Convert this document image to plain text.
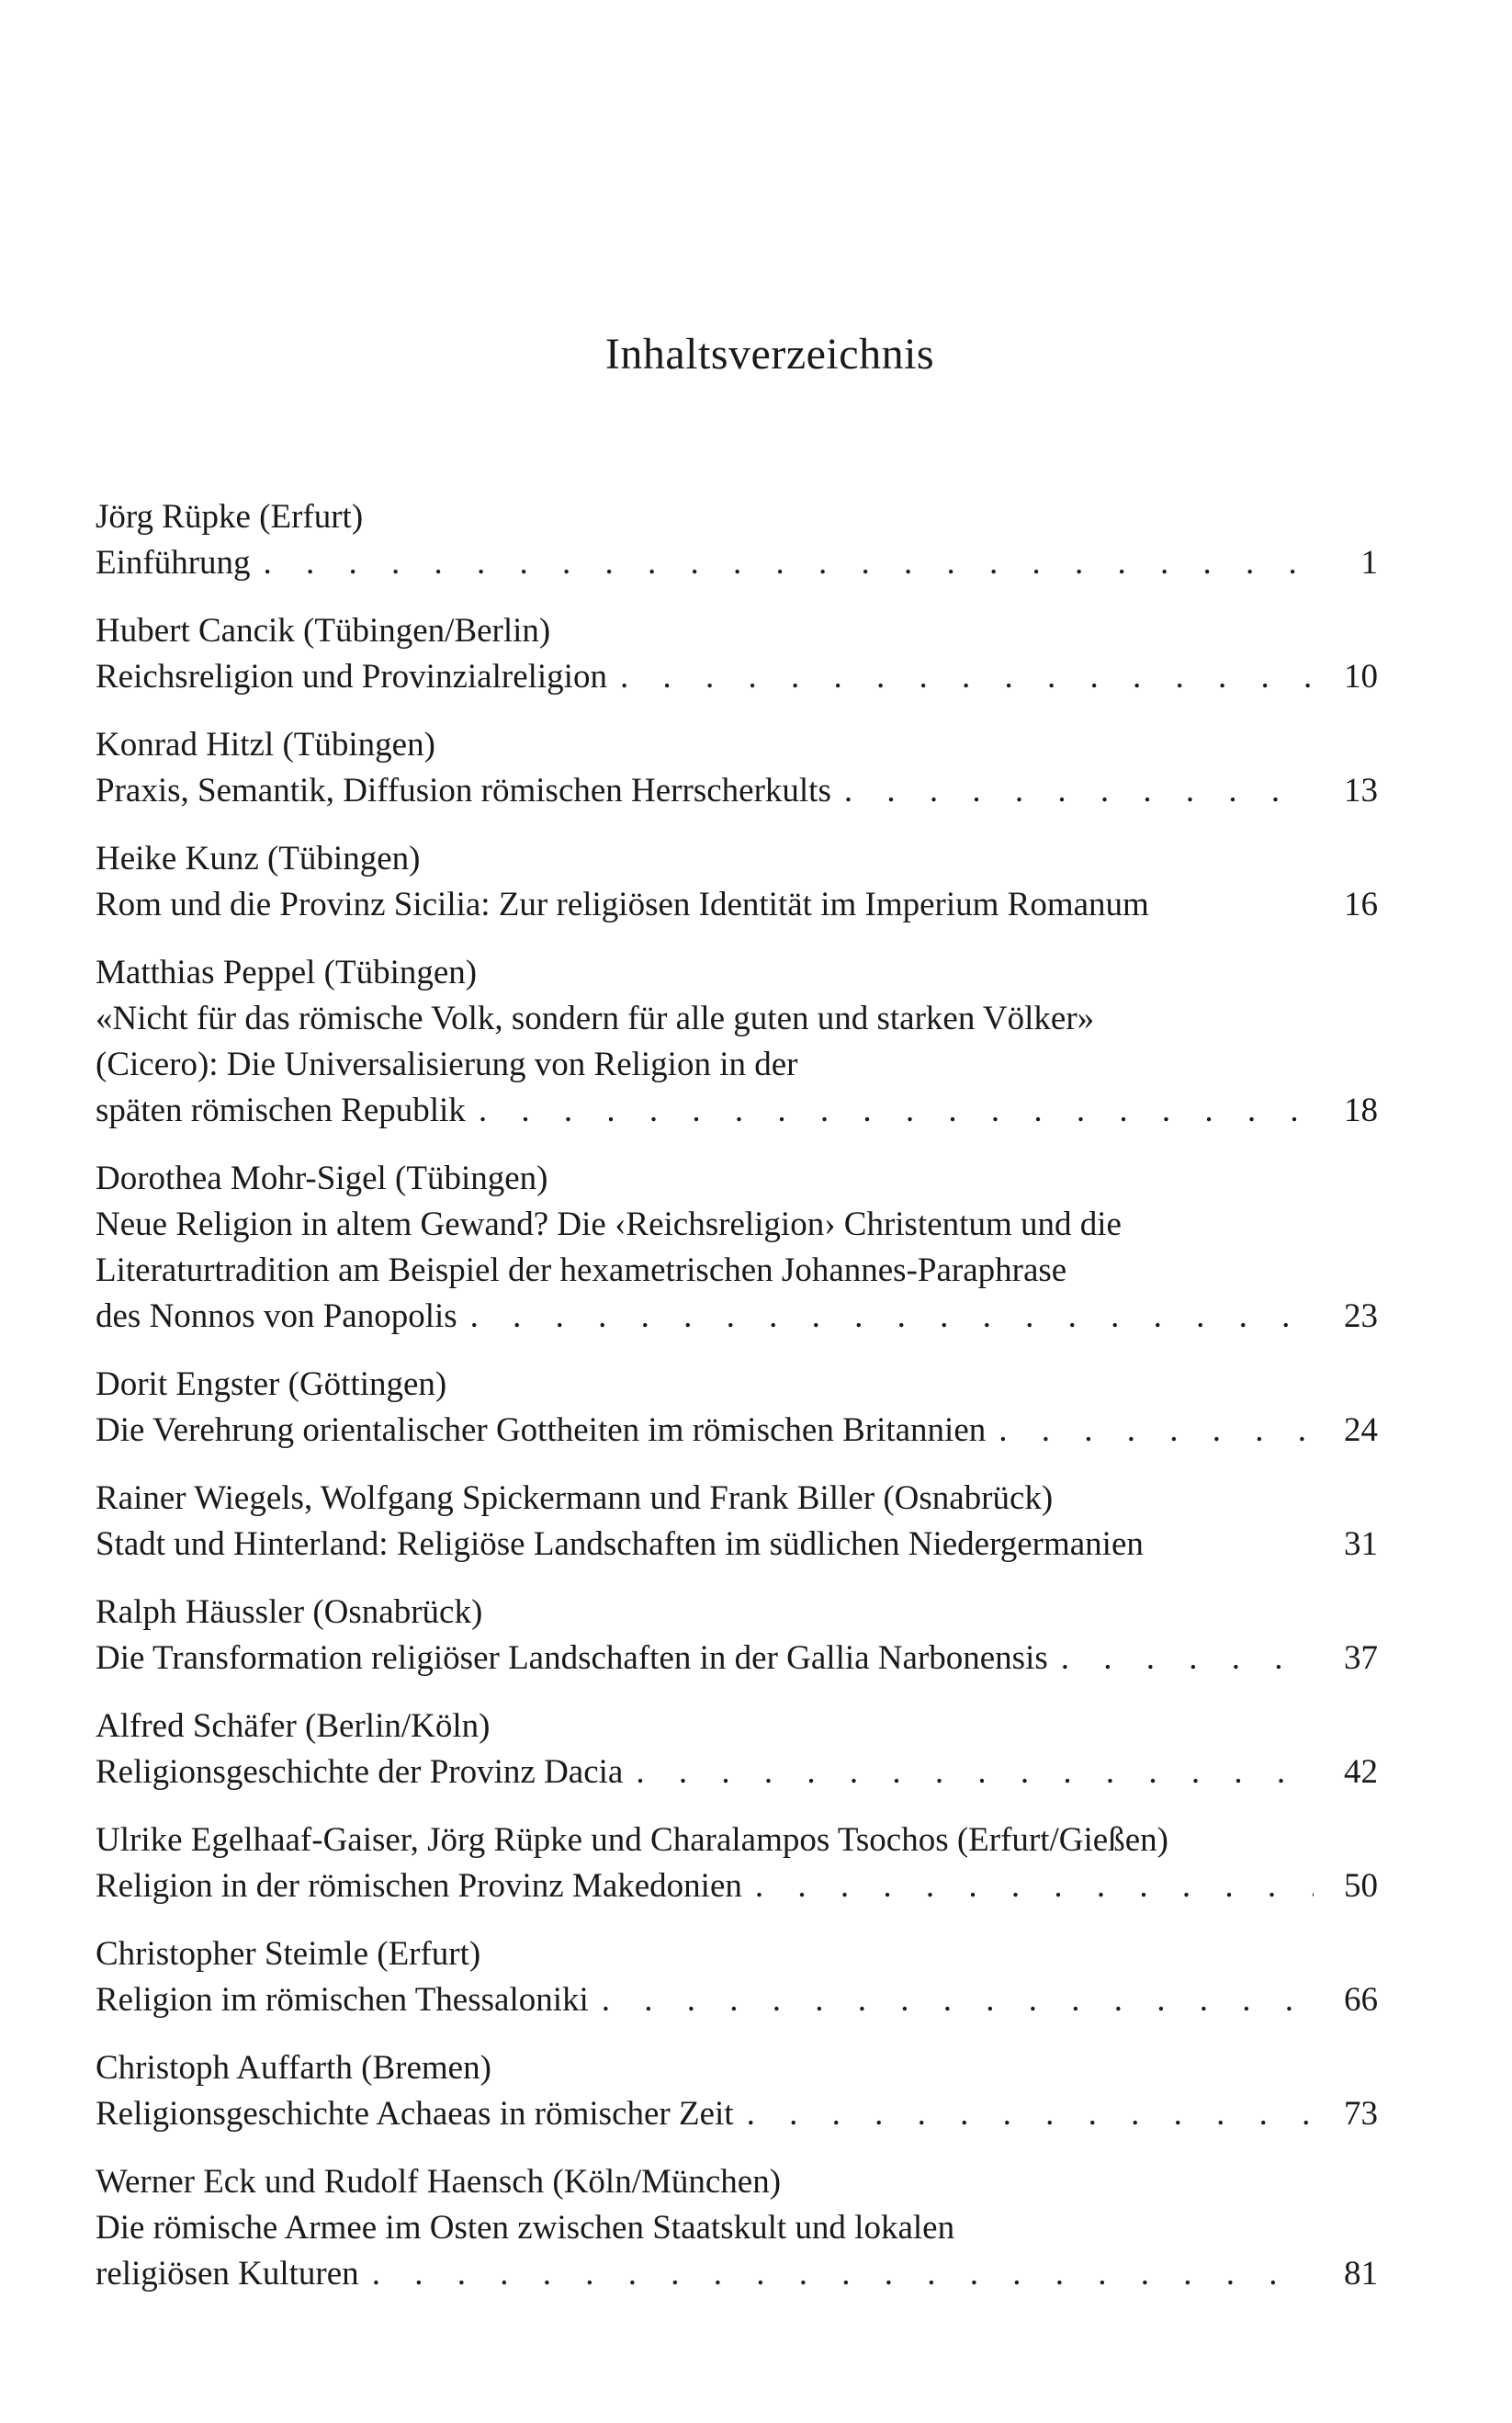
Inhaltsverzeichnis
Jörg Rüpke (Erfurt)
Einführung . . .	1
Hubert Cancik (Tübingen/Berlin)
Reichsreligion und Provinzialreligion . . .	10
Konrad Hitzl (Tübingen)
Praxis, Semantik, Diffusion römischen Herrscherkults . . .	13
Heike Kunz (Tübingen)
Rom und die Provinz Sicilia: Zur religiösen Identität im Imperium Romanum	16
Matthias Peppel (Tübingen)
«Nicht für das römische Volk, sondern für alle guten und starken Völker»
(Cicero): Die Universalisierung von Religion in der
späten römischen Republik . . .	18
Dorothea Mohr-Sigel (Tübingen)
Neue Religion in altem Gewand? Die ‹Reichsreligion› Christentum und die
Literaturtradition am Beispiel der hexametrischen Johannes-Paraphrase
des Nonnos von Panopolis . . .	23
Dorit Engster (Göttingen)
Die Verehrung orientalischer Gottheiten im römischen Britannien . . .	24
Rainer Wiegels, Wolfgang Spickermann und Frank Biller (Osnabrück)
Stadt und Hinterland: Religiöse Landschaften im südlichen Niedergermanien	31
Ralph Häussler (Osnabrück)
Die Transformation religiöser Landschaften in der Gallia Narbonensis . . .	37
Alfred Schäfer (Berlin/Köln)
Religionsgeschichte der Provinz Dacia . . .	42
Ulrike Egelhaaf-Gaiser, Jörg Rüpke und Charalampos Tsochos (Erfurt/Gießen)
Religion in der römischen Provinz Makedonien . . .	50
Christopher Steimle (Erfurt)
Religion im römischen Thessaloniki . . .	66
Christoph Auffarth (Bremen)
Religionsgeschichte Achaeas in römischer Zeit . . .	73
Werner Eck und Rudolf Haensch (Köln/München)
Die römische Armee im Osten zwischen Staatskult und lokalen
religiösen Kulturen . . .	81
